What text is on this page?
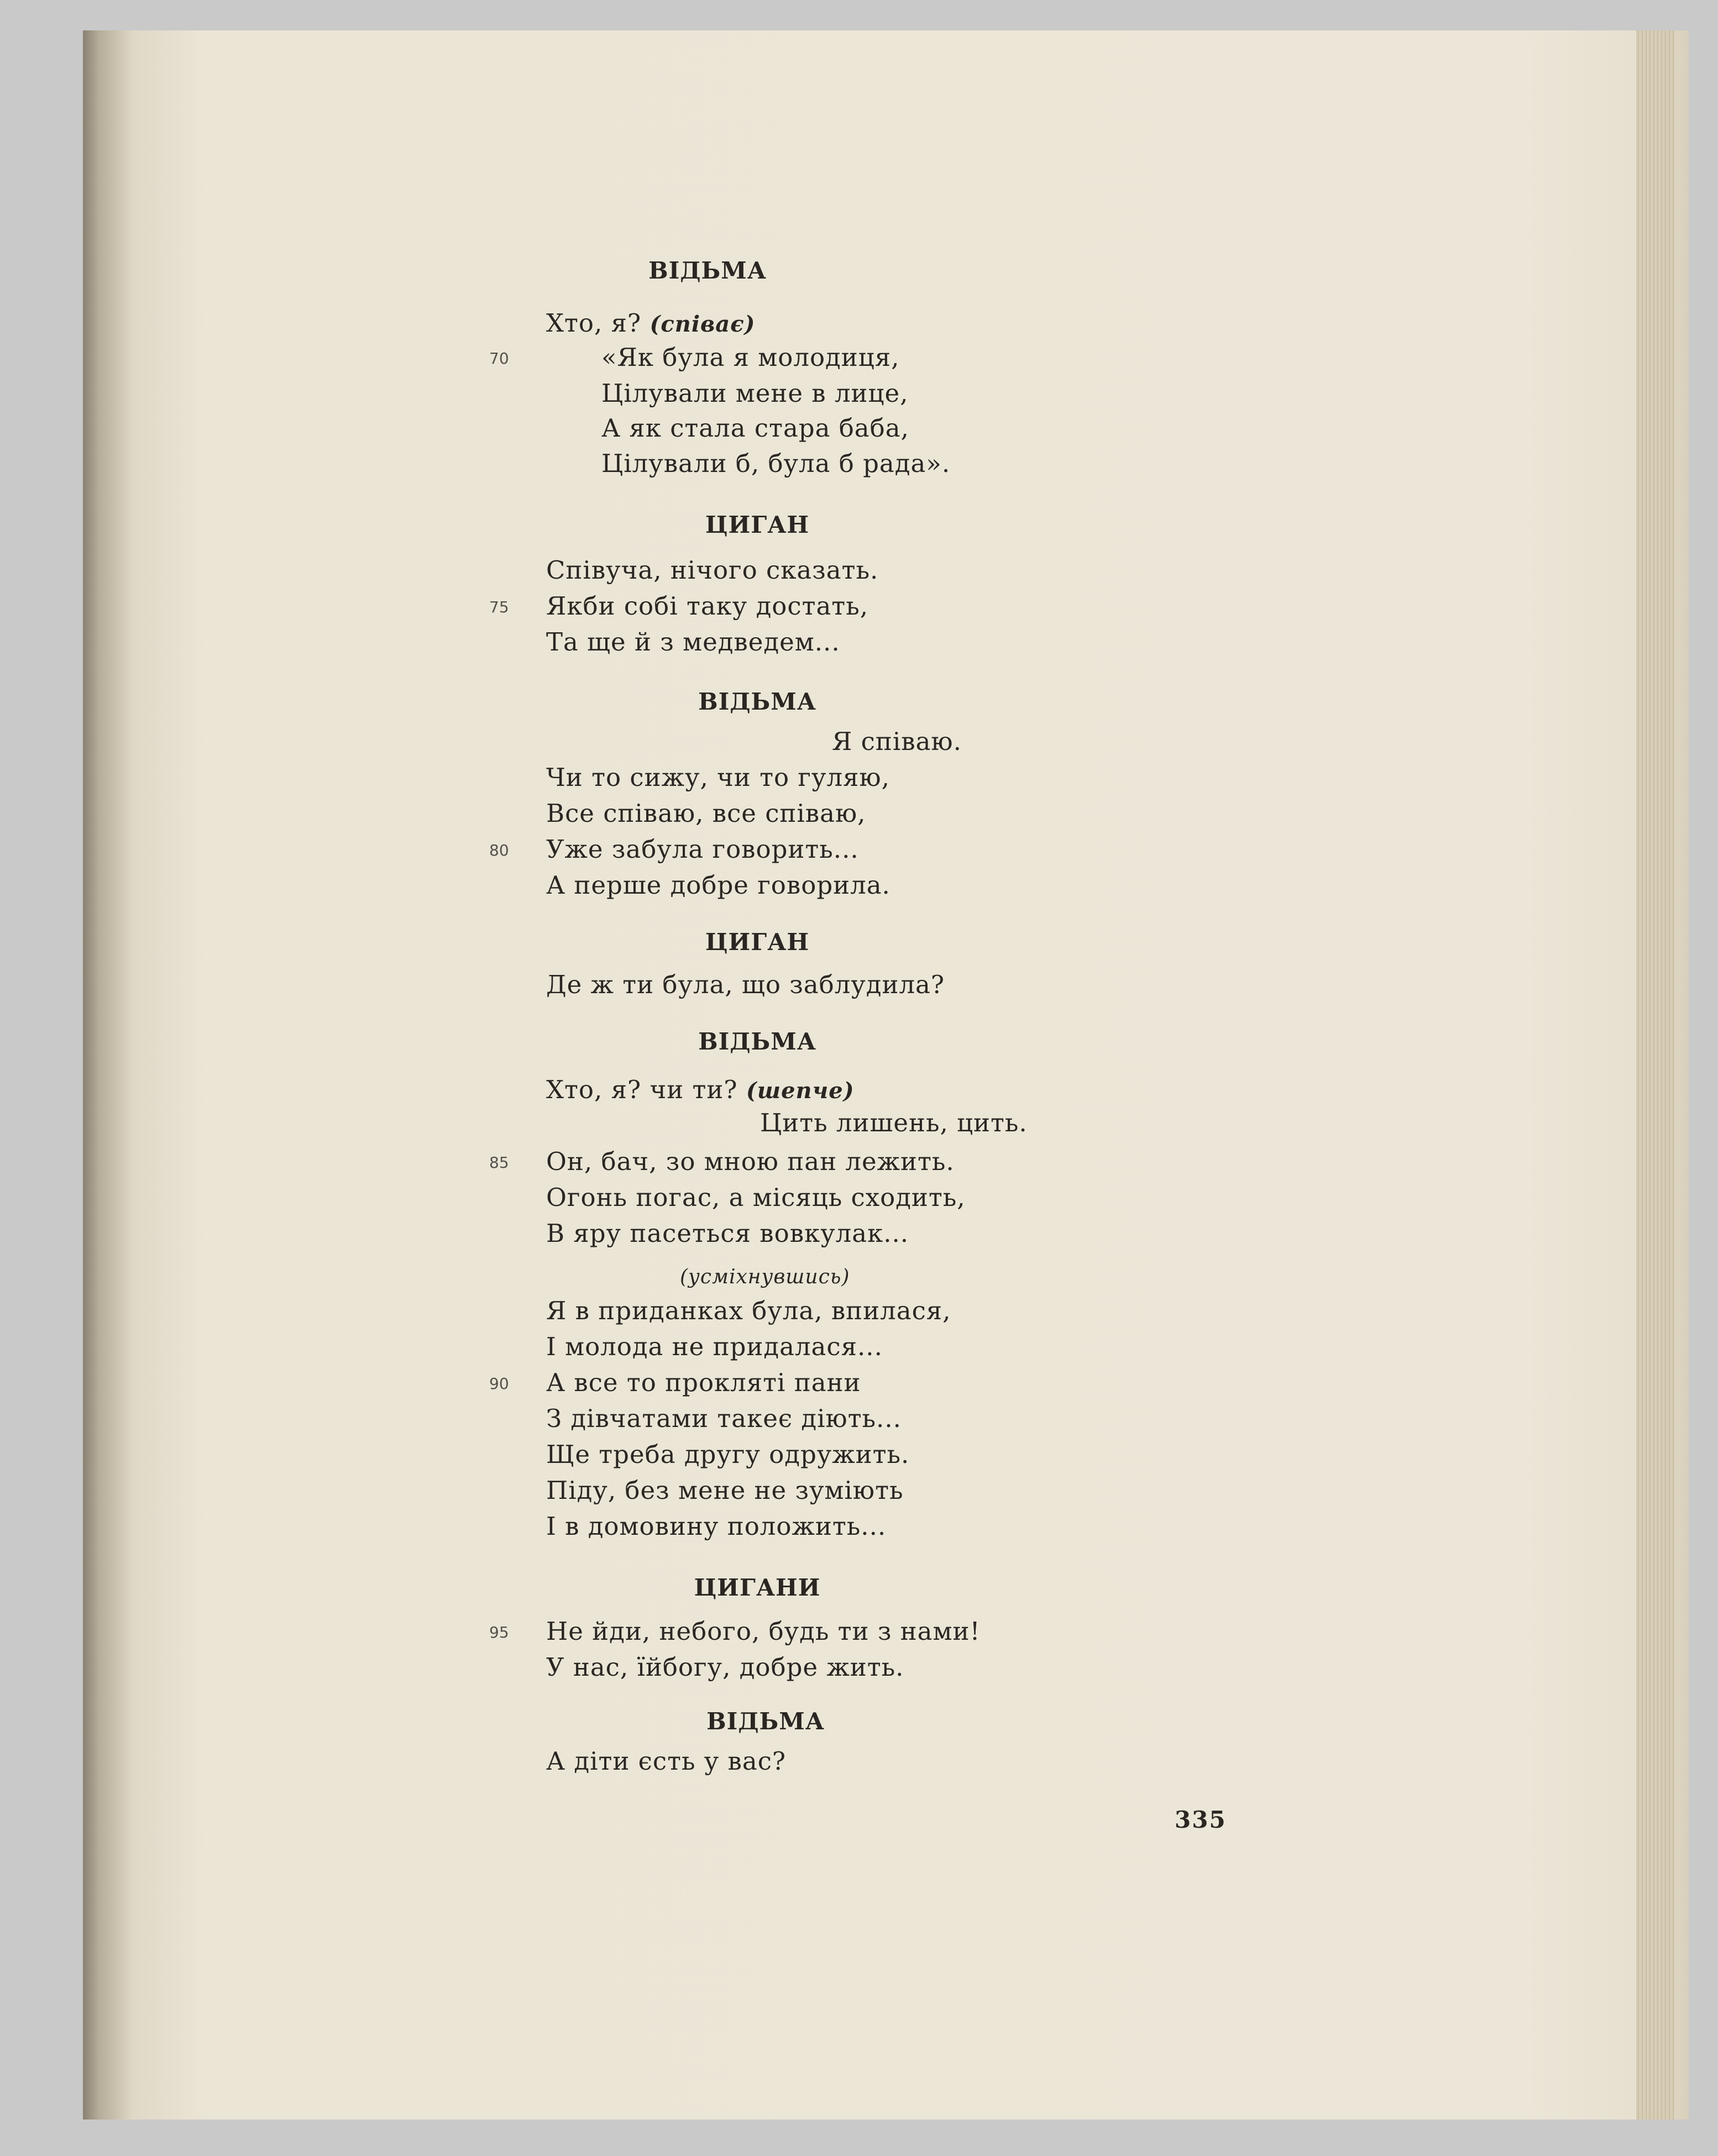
ВІДЬМА
Хто, я? (співає)
70	«Як була я молодиця,
Цілували мене в лице,
А як стала стара баба,
Цілували б, була б рада».
ЦИГАН
Співуча, нічого сказать.
75 Якби собі таку достать,
Та ще й з медведем...
ВІДЬМА
Я співаю.
Чи то сижу, чи то гуляю,
Все співаю, все співаю,
80 Уже забула говорить...
А перше добре говорила.
ЦИГАН
Де ж ти була, що заблудила?
ВІДЬМА
Хто, я? чи ти? (шепче)
Цить лишень, цить.
85 Он, бач, зо мною пан лежить.
Огонь погас, а місяць сходить,
В яру пасеться вовкулак...
(усміхнувшись)
Я в приданках була, впилася,
І молода не придалася...
90 А все то прокляті пани
З дівчатами такеє діють...
Ще треба другу одружить.
Піду, без мене не зуміють
І в домовину положить...
ЦИГАНИ
95 Не йди, небого, будь ти з нами!
У нас, їйбогу, добре жить.
ВІДЬМА
А діти єсть у вас?
335
